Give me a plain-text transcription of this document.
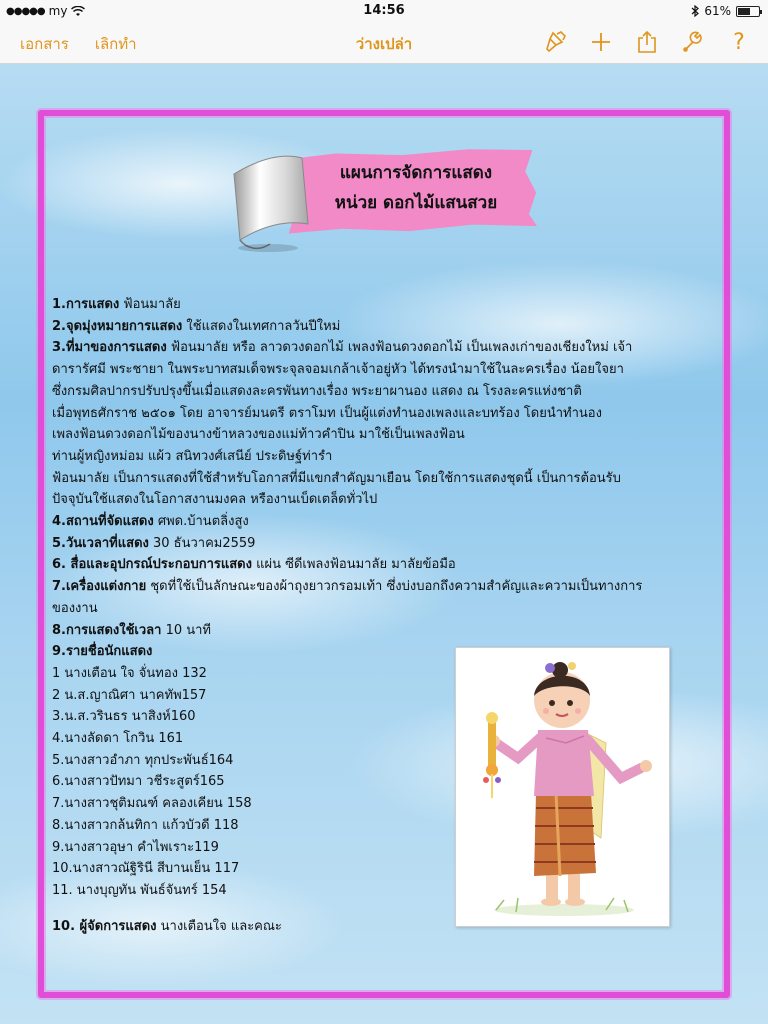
●●●●● my	14:56	61%
เอกสาร เลิกทำ	ว่างเปล่า	?
แผนการจัดการแสดง
หน่วย ดอกไม้แสนสวย
1.การแสดง ฟ้อนมาลัย
2.จุดมุ่งหมายการแสดง ใช้แสดงในเทศกาลวันปีใหม่
3.ที่มาของการแสดง ฟ้อนมาลัย หรือ ลาวดวงดอกไม้ เพลงฟ้อนดวงดอกไม้ เป็นเพลงเก่าของเชียงใหม่ เจ้า
ดารารัศมี พระชายา ในพระบาทสมเด็จพระจุลจอมเกล้าเจ้าอยู่หัว ได้ทรงนำมาใช้ในละครเรื่อง น้อยใจยา
ซึ่งกรมศิลปากรปรับปรุงขึ้นเมื่อแสดงละครพันทางเรื่อง พระยาผานอง แสดง ณ โรงละครแห่งชาติ
เมื่อพุทธศักราช ๒๕๐๑ โดย อาจารย์มนตรี ตราโมท เป็นผู้แต่งทำนองเพลงและบทร้อง โดยนำทำนอง
เพลงฟ้อนดวงดอกไม้ของนางข้าหลวงของแม่ท้าวคำปิน มาใช้เป็นเพลงฟ้อน
ท่านผู้หญิงหม่อม แผ้ว สนิทวงศ์เสนีย์ ประดิษฐ์ท่ารำ
ฟ้อนมาลัย เป็นการแสดงที่ใช้สำหรับโอกาสที่มีแขกสำคัญมาเยือน โดยใช้การแสดงชุดนี้ เป็นการต้อนรับ
ปัจจุบันใช้แสดงในโอกาสงานมงคล หรืองานเบ็ดเตล็ดทั่วไป
4.สถานที่จัดแสดง ศพด.บ้านตลิ่งสูง
5.วันเวลาที่แสดง 30 ธันวาคม2559
6. สื่อและอุปกรณ์ประกอบการแสดง แผ่น ซีดีเพลงฟ้อนมาลัย มาลัยข้อมือ
7.เครื่องแต่งกาย ชุดที่ใช้เป็นลักษณะของผ้าถุงยาวกรอมเท้า ซึ่งบ่งบอกถึงความสำคัญและความเป็นทางการ
ของงาน
8.การแสดงใช้เวลา 10 นาที
9.รายชื่อนักแสดง
1 นางเตือน ใจ จั่นทอง 132
2 น.ส.ญาณิศา นาคทัพ157
3.น.ส.วรินธร นาสิงห์160
4.นางลัดดา โกวิน 161
5.นางสาวอำภา ทุกประพันธ์164
6.นางสาวปัทมา วชีระสูตร์165
7.นางสาวชุติมณฑ์ คลองเคียน 158
8.นางสาวกล้นทิกา แก้วบัวดี 118
9.นางสาวอุษา คำไพเราะ119
10.นางสาวณัฐิรินี สีบานเย็น 117
11. นางบุญทัน พันธ์จันทร์ 154
10. ผู้จัดการแสดง นางเตือนใจ และคณะ
